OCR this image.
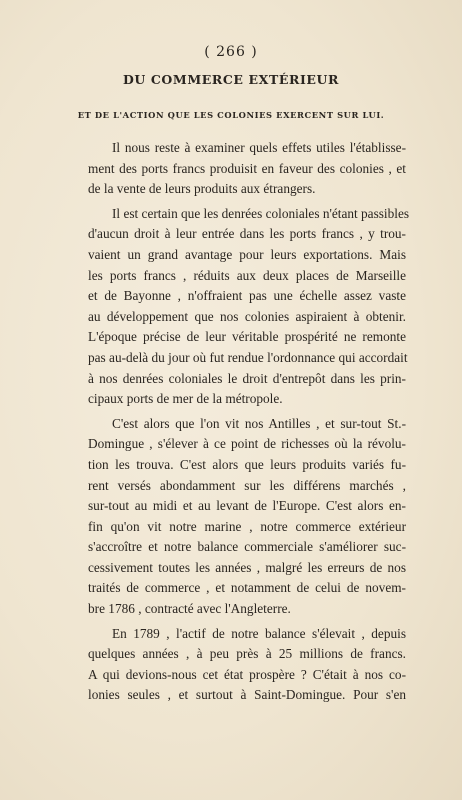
( 266 )
DU COMMERCE EXTÉRIEUR
ET DE L'ACTION QUE LES COLONIES EXERCENT SUR LUI.
Il nous reste à examiner quels effets utiles l'établisse-
ment des ports francs produisit en faveur des colonies , et
de la vente de leurs produits aux étrangers.
Il est certain que les denrées coloniales n'étant passibles
d'aucun droit à leur entrée dans les ports francs , y trou-
vaient un grand avantage pour leurs exportations. Mais
les ports francs , réduits aux deux places de Marseille
et de Bayonne , n'offraient pas une échelle assez vaste
au développement que nos colonies aspiraient à obtenir.
L'époque précise de leur véritable prospérité ne remonte
pas au-delà du jour où fut rendue l'ordonnance qui accordait
à nos denrées coloniales le droit d'entrepôt dans les prin-
cipaux ports de mer de la métropole.
C'est alors que l'on vit nos Antilles , et sur-tout St.-
Domingue , s'élever à ce point de richesses où la révolu-
tion les trouva. C'est alors que leurs produits variés fu-
rent versés abondamment sur les différens marchés ,
sur-tout au midi et au levant de l'Europe. C'est alors en-
fin qu'on vit notre marine , notre commerce extérieur
s'accroître et notre balance commerciale s'améliorer suc-
cessivement toutes les années , malgré les erreurs de nos
traités de commerce , et notamment de celui de novem-
bre 1786 , contracté avec l'Angleterre.
En 1789 , l'actif de notre balance s'élevait , depuis
quelques années , à peu près à 25 millions de francs.
A qui devions-nous cet état prospère ? C'était à nos co-
lonies seules , et surtout à Saint-Domingue. Pour s'en
